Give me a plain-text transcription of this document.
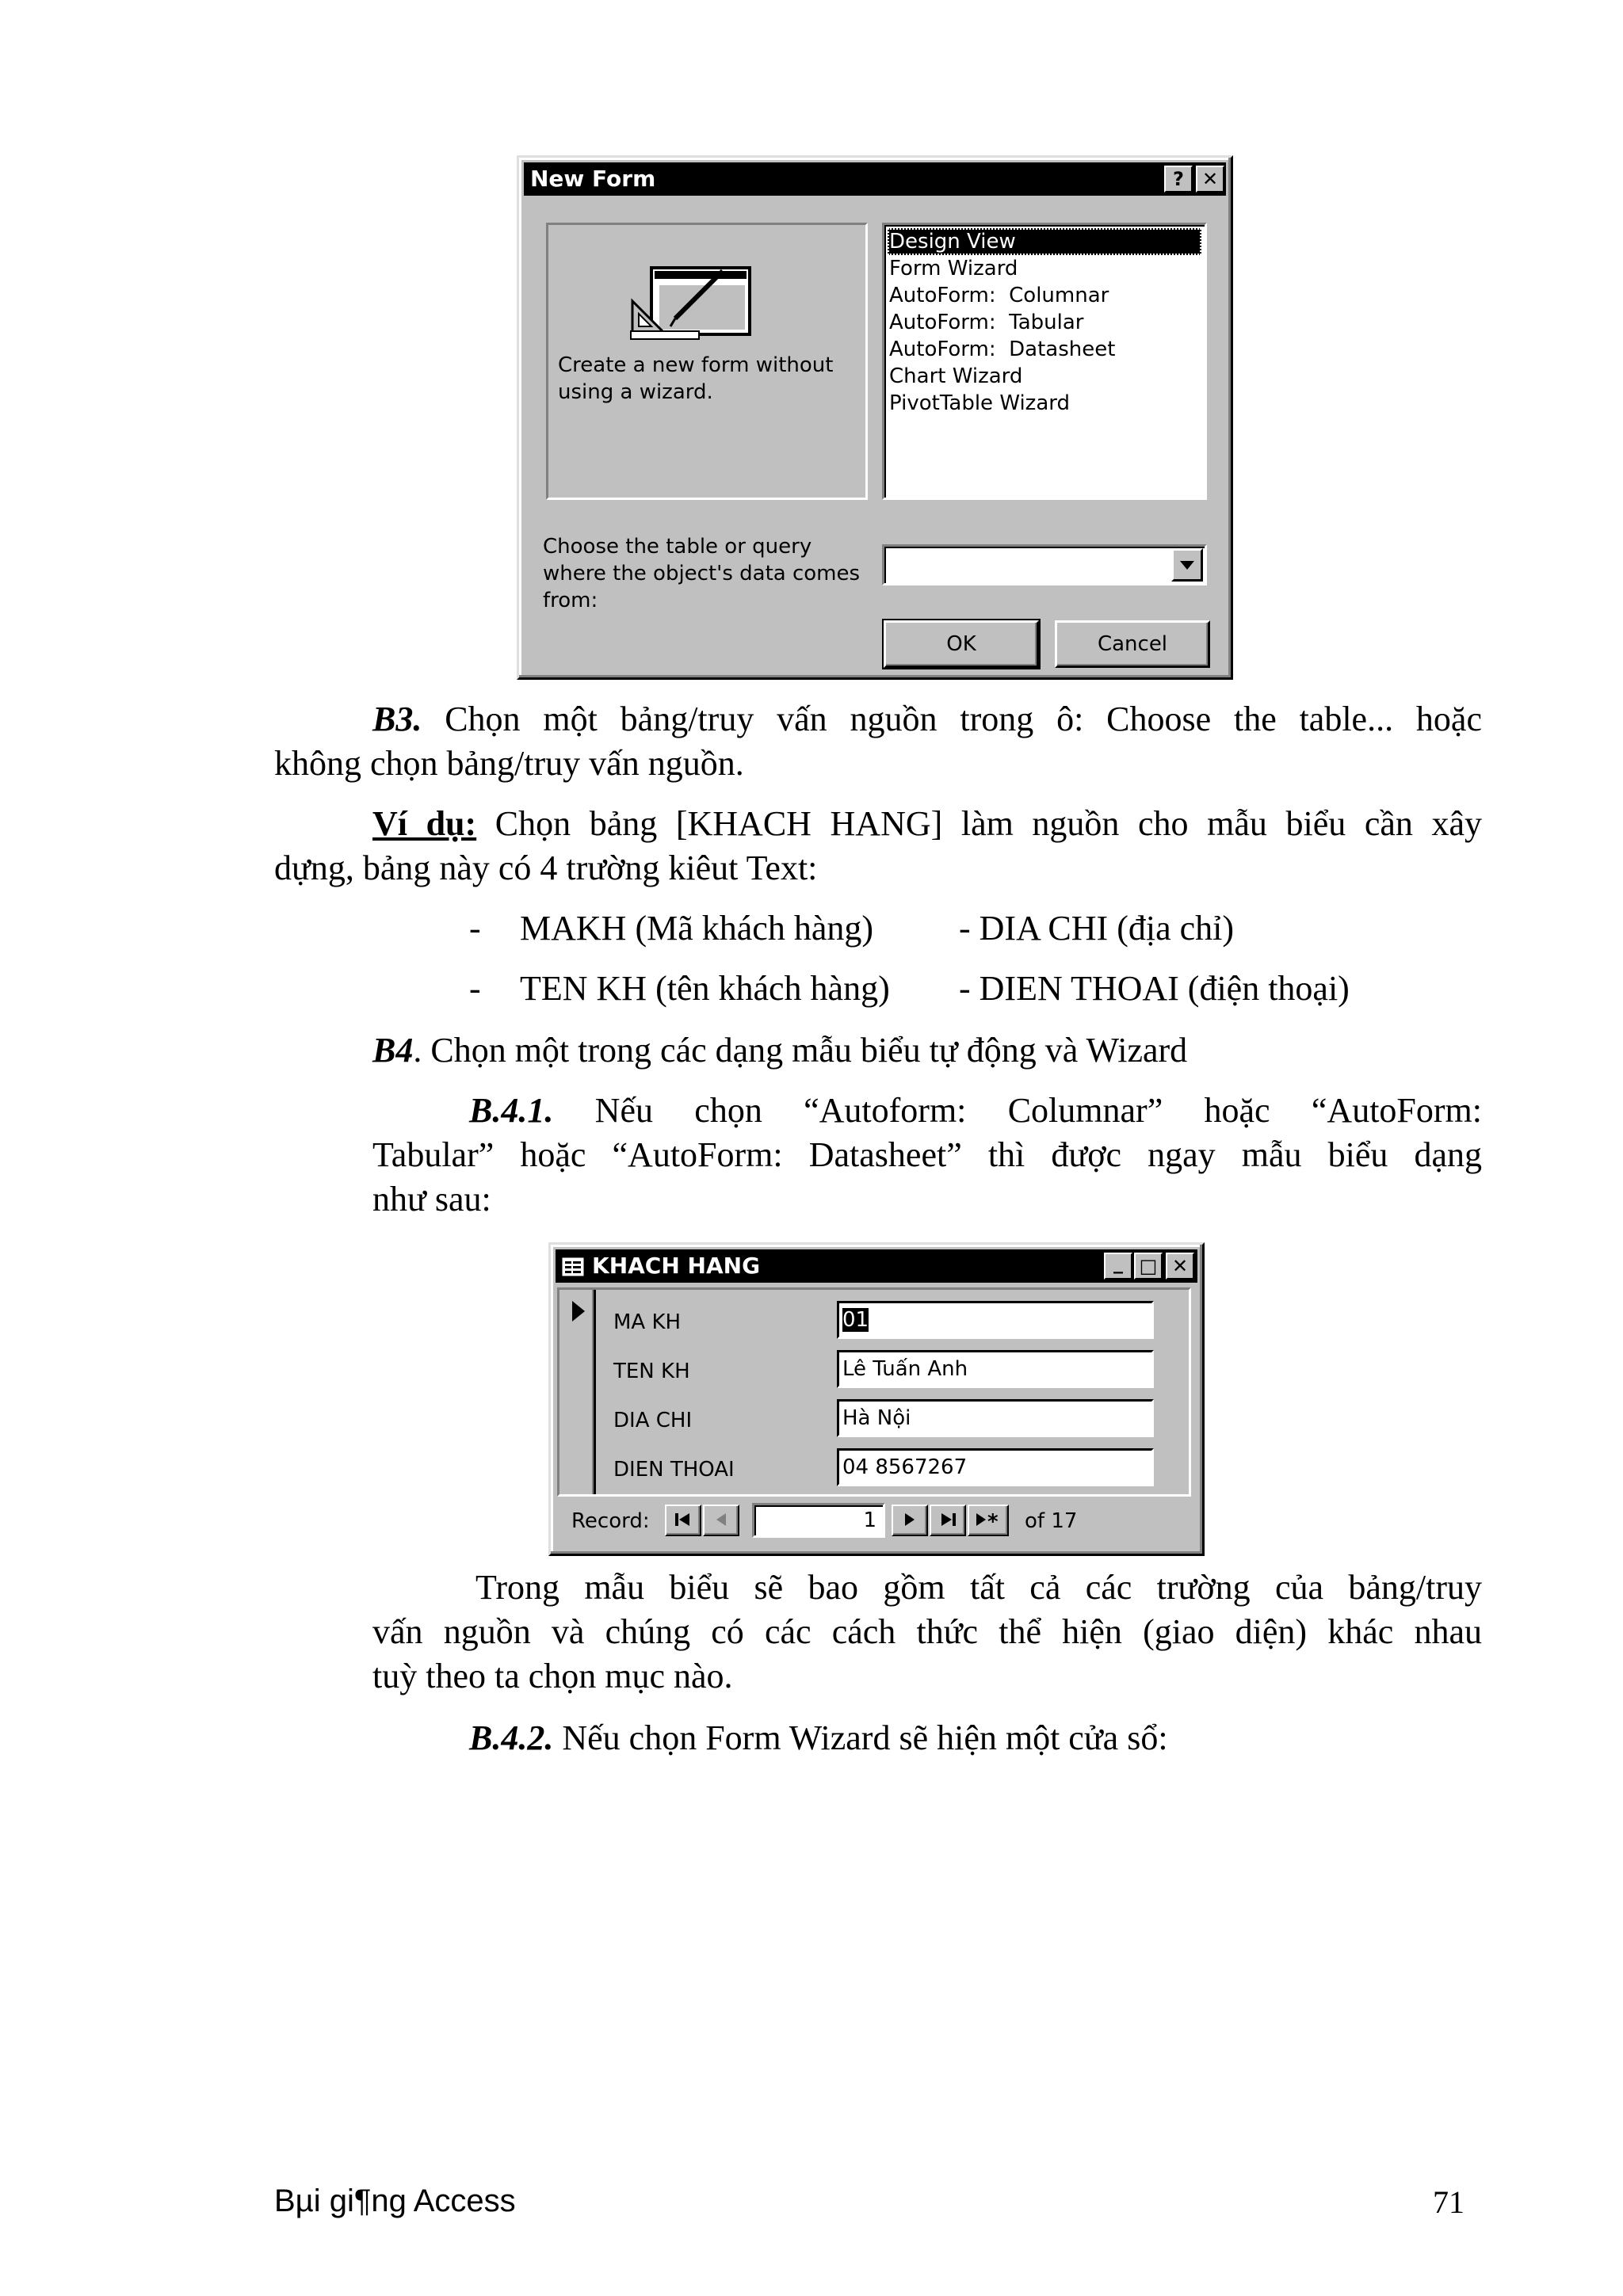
New Form	? ✕
Create a new form without using a wizard.
Design View
Form Wizard
AutoForm:  Columnar
AutoForm:  Tabular
AutoForm:  Datasheet
Chart Wizard
PivotTable Wizard
Choose the table or query where the object's data comes from:
OK	Cancel
B3. Chọn một bảng/truy vấn nguồn trong ô: Choose the table... hoặc
không chọn bảng/truy vấn nguồn.
Ví dụ: Chọn bảng [KHACH HANG] làm nguồn cho mẫu biểu cần xây
dựng, bảng này có 4 trường kiêut Text:
- MAKH (Mã khách hàng) - DIA CHI (địa chỉ)
- TEN KH (tên khách hàng) - DIEN THOAI (điện thoại)
B4. Chọn một trong các dạng mẫu biểu tự động và Wizard
B.4.1. Nếu chọn “Autoform: Columnar” hoặc “AutoForm:
Tabular” hoặc “AutoForm: Datasheet” thì được ngay mẫu biểu dạng
như sau:
KHACH HANG	_ □ ✕
MA KH	01
TEN KH	Lê Tuấn Anh
DIA CHI	Hà Nội
DIEN THOAI	04 8567267
Record:	1	* of 17
Trong mẫu biểu sẽ bao gồm tất cả các trường của bảng/truy
vấn nguồn và chúng có các cách thức thể hiện (giao diện) khác nhau
tuỳ theo ta chọn mục nào.
B.4.2. Nếu chọn Form Wizard sẽ hiện một cửa sổ:
Bµi gi¶ng Access	71
